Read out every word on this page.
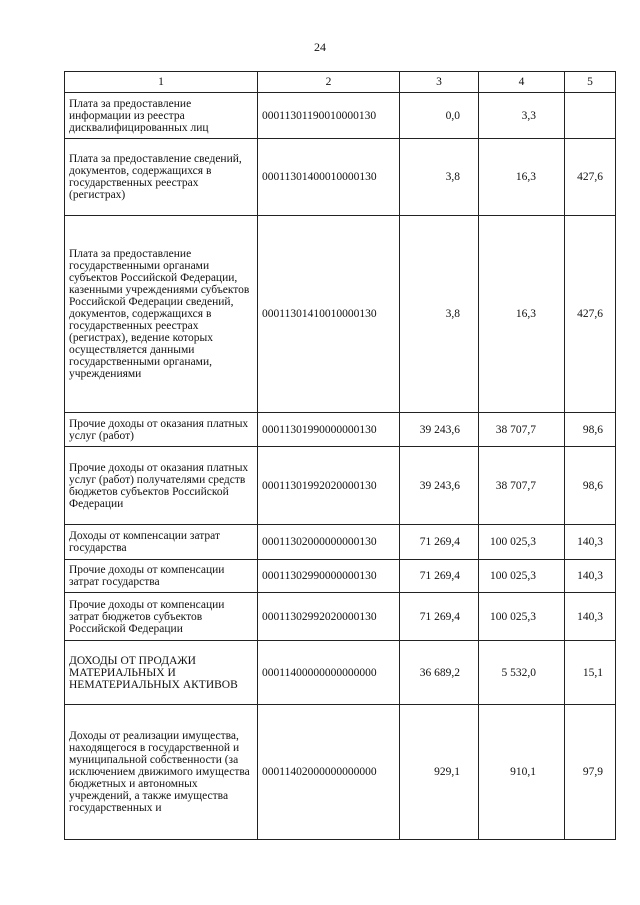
24
1	2	3	4	5
Плата за предоставление информации из реестра дисквалифицированных лиц	00011301190010000130	0,0	3,3	
Плата за предоставление сведений, документов, содержащихся в государственных реестрах (регистрах)	00011301400010000130	3,8	16,3	427,6
Плата за предоставление государственными органами субъектов Российской Федерации, казенными учреждениями субъектов Российской Федерации сведений, документов, содержащихся в государственных реестрах (регистрах), ведение которых осуществляется данными государственными органами, учреждениями	00011301410010000130	3,8	16,3	427,6
Прочие доходы от оказания платных услуг (работ)	00011301990000000130	39 243,6	38 707,7	98,6
Прочие доходы от оказания платных услуг (работ) получателями средств бюджетов субъектов Российской Федерации	00011301992020000130	39 243,6	38 707,7	98,6
Доходы от компенсации затрат государства	00011302000000000130	71 269,4	100 025,3	140,3
Прочие доходы от компенсации затрат государства	00011302990000000130	71 269,4	100 025,3	140,3
Прочие доходы от компенсации затрат бюджетов субъектов Российской Федерации	00011302992020000130	71 269,4	100 025,3	140,3
ДОХОДЫ ОТ ПРОДАЖИ МАТЕРИАЛЬНЫХ И НЕМАТЕРИАЛЬНЫХ АКТИВОВ	00011400000000000000	36 689,2	5 532,0	15,1
Доходы от реализации имущества, находящегося в государственной и муниципальной собственности (за исключением движимого имущества бюджетных и автономных учреждений, а также имущества государственных и	00011402000000000000	929,1	910,1	97,9
